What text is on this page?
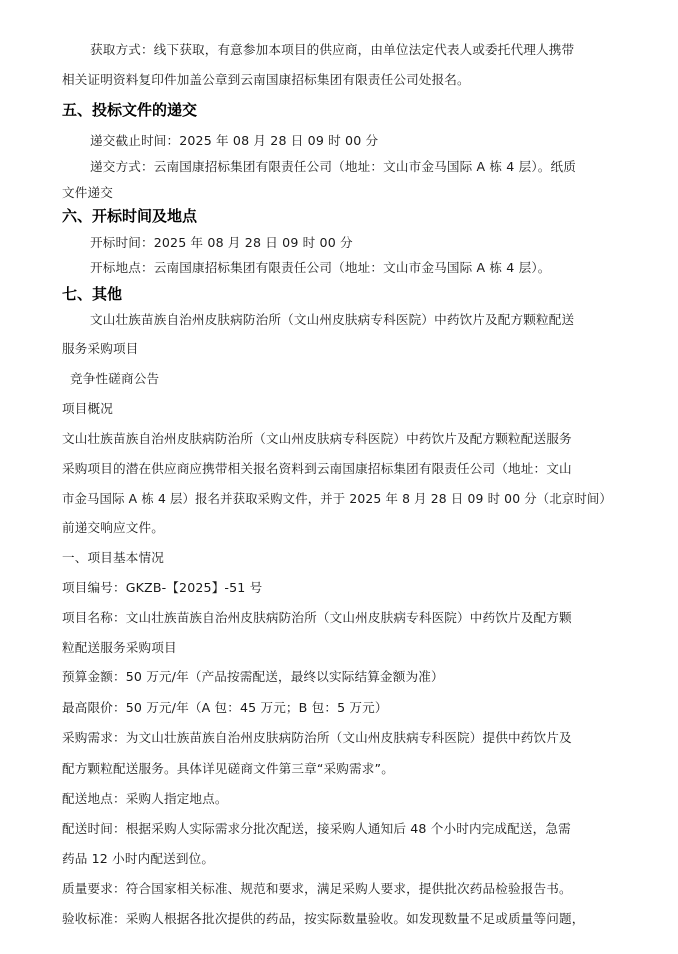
获取方式：线下获取，有意参加本项目的供应商，由单位法定代表人或委托代理人携带
相关证明资料复印件加盖公章到云南国康招标集团有限责任公司处报名。
五、投标文件的递交
递交截止时间：2025 年 08 月 28 日 09 时 00 分
递交方式：云南国康招标集团有限责任公司（地址：文山市金马国际 A 栋 4 层）。纸质
文件递交
六、开标时间及地点
开标时间：2025 年 08 月 28 日 09 时 00 分
开标地点：云南国康招标集团有限责任公司（地址：文山市金马国际 A 栋 4 层）。
七、其他
文山壮族苗族自治州皮肤病防治所（文山州皮肤病专科医院）中药饮片及配方颗粒配送
服务采购项目
竞争性磋商公告
项目概况
文山壮族苗族自治州皮肤病防治所（文山州皮肤病专科医院）中药饮片及配方颗粒配送服务
采购项目的潜在供应商应携带相关报名资料到云南国康招标集团有限责任公司（地址：文山
市金马国际 A 栋 4 层）报名并获取采购文件，并于 2025 年 8 月 28 日 09 时 00 分（北京时间）
前递交响应文件。
一、项目基本情况
项目编号：GKZB-【2025】-51 号
项目名称：文山壮族苗族自治州皮肤病防治所（文山州皮肤病专科医院）中药饮片及配方颗
粒配送服务采购项目
预算金额：50 万元/年（产品按需配送，最终以实际结算金额为准）
最高限价：50 万元/年（A 包：45 万元；B 包：5 万元）
采购需求：为文山壮族苗族自治州皮肤病防治所（文山州皮肤病专科医院）提供中药饮片及
配方颗粒配送服务。具体详见磋商文件第三章“采购需求”。
配送地点：采购人指定地点。
配送时间：根据采购人实际需求分批次配送，接采购人通知后 48 个小时内完成配送，急需
药品 12 小时内配送到位。
质量要求：符合国家相关标准、规范和要求，满足采购人要求，提供批次药品检验报告书。
验收标准：采购人根据各批次提供的药品，按实际数量验收。如发现数量不足或质量等问题，
